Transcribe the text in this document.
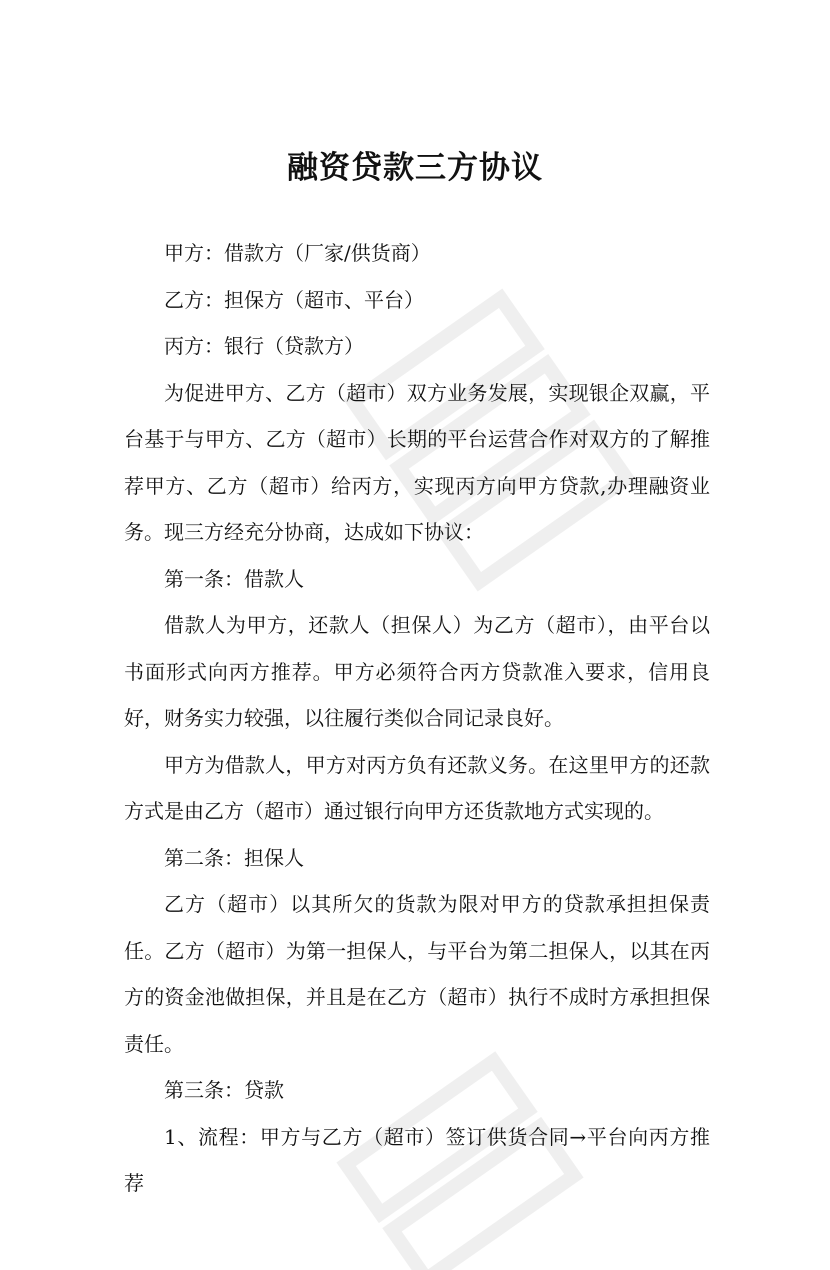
融资贷款三方协议

甲方：借款方（厂家/供货商）

乙方：担保方（超市、平台）

丙方：银行（贷款方）

为促进甲方、乙方（超市）双方业务发展，实现银企双赢，平台基于与甲方、乙方（超市）长期的平台运营合作对双方的了解推荐甲方、乙方（超市）给丙方，实现丙方向甲方贷款,办理融资业务。现三方经充分协商，达成如下协议：

第一条：借款人

借款人为甲方，还款人（担保人）为乙方（超市），由平台以书面形式向丙方推荐。甲方必须符合丙方贷款准入要求，信用良好，财务实力较强，以往履行类似合同记录良好。

甲方为借款人，甲方对丙方负有还款义务。在这里甲方的还款方式是由乙方（超市）通过银行向甲方还货款地方式实现的。

第二条：担保人

乙方（超市）以其所欠的货款为限对甲方的贷款承担担保责任。乙方（超市）为第一担保人，与平台为第二担保人，以其在丙方的资金池做担保，并且是在乙方（超市）执行不成时方承担担保责任。

第三条：贷款

1、流程：甲方与乙方（超市）签订供货合同→平台向丙方推荐
